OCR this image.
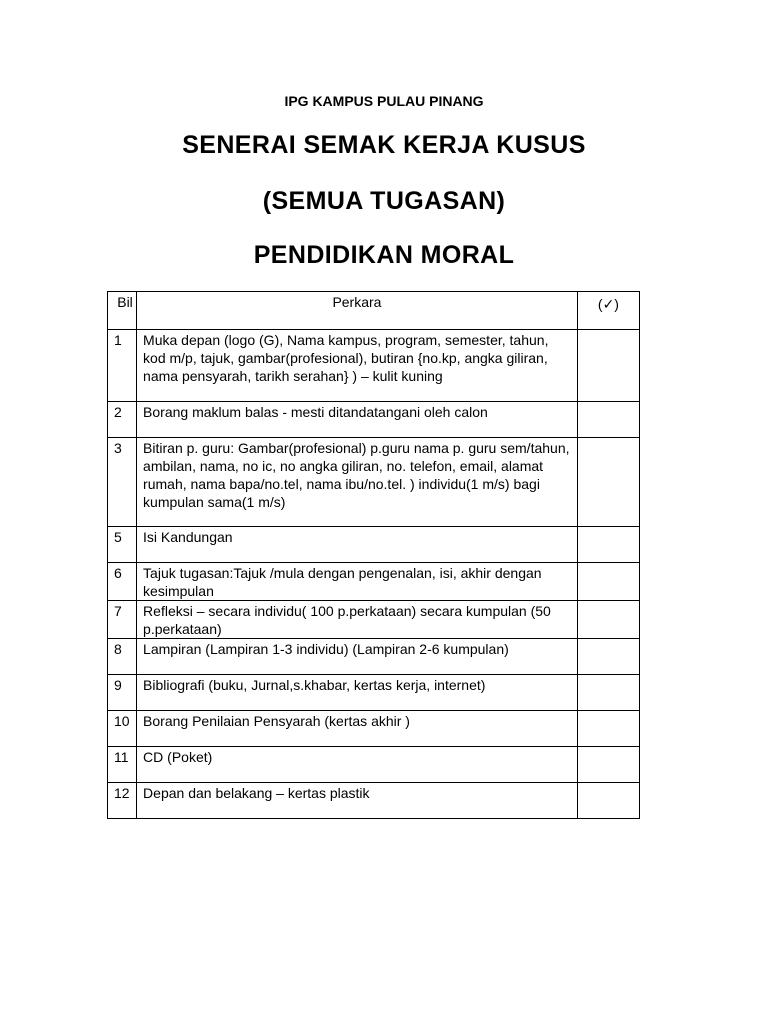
IPG KAMPUS PULAU PINANG
SENERAI SEMAK KERJA KUSUS
(SEMUA TUGASAN)
PENDIDIKAN MORAL
Bil	Perkara	(✓)

1	Muka depan (logo (G), Nama kampus, program, semester, tahun, kod m/p, tajuk, gambar(profesional), butiran {no.kp, angka giliran, nama pensyarah, tarikh serahan} ) – kulit kuning	

2	Borang maklum balas - mesti ditandatangani oleh calon	

3	Bitiran p. guru: Gambar(profesional) p.guru nama p. guru sem/tahun, ambilan, nama, no ic, no angka giliran, no. telefon, email, alamat rumah, nama bapa/no.tel, nama ibu/no.tel. ) individu(1 m/s) bagi kumpulan sama(1 m/s)	

5	Isi Kandungan	

6	Tajuk tugasan:Tajuk /mula dengan pengenalan, isi, akhir dengan kesimpulan	

7	Refleksi – secara individu( 100 p.perkataan) secara kumpulan (50 p.perkataan)	

8	Lampiran (Lampiran 1-3 individu) (Lampiran 2-6 kumpulan)	

9	Bibliografi (buku, Jurnal,s.khabar, kertas kerja, internet)	

10	Borang Penilaian Pensyarah (kertas akhir )	

11	CD (Poket)	

12	Depan dan belakang – kertas plastik	
